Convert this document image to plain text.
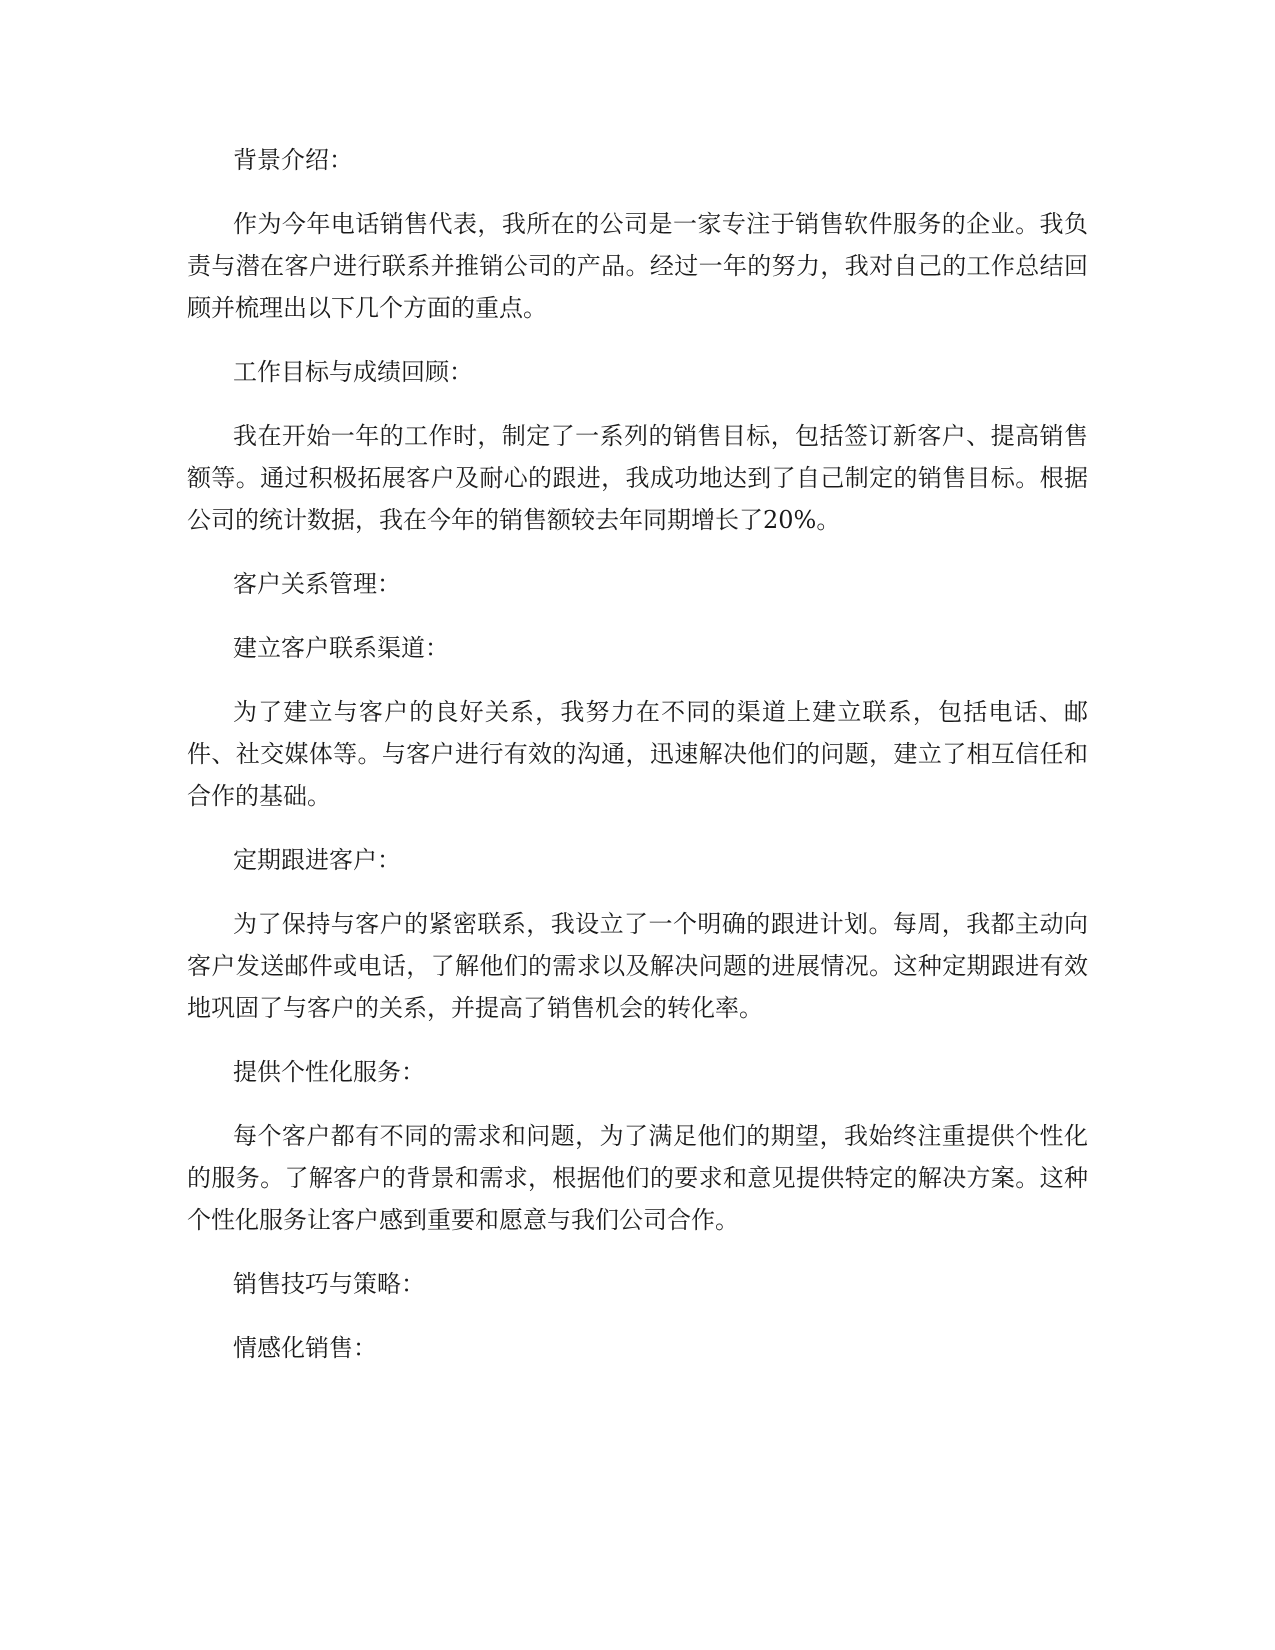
背景介绍：

作为今年电话销售代表，我所在的公司是一家专注于销售软件服务的企业。我负责与潜在客户进行联系并推销公司的产品。经过一年的努力，我对自己的工作总结回顾并梳理出以下几个方面的重点。

工作目标与成绩回顾：

我在开始一年的工作时，制定了一系列的销售目标，包括签订新客户、提高销售额等。通过积极拓展客户及耐心的跟进，我成功地达到了自己制定的销售目标。根据公司的统计数据，我在今年的销售额较去年同期增长了20%。

客户关系管理：

建立客户联系渠道：

为了建立与客户的良好关系，我努力在不同的渠道上建立联系，包括电话、邮件、社交媒体等。与客户进行有效的沟通，迅速解决他们的问题，建立了相互信任和合作的基础。

定期跟进客户：

为了保持与客户的紧密联系，我设立了一个明确的跟进计划。每周，我都主动向客户发送邮件或电话，了解他们的需求以及解决问题的进展情况。这种定期跟进有效地巩固了与客户的关系，并提高了销售机会的转化率。

提供个性化服务：

每个客户都有不同的需求和问题，为了满足他们的期望，我始终注重提供个性化的服务。了解客户的背景和需求，根据他们的要求和意见提供特定的解决方案。这种个性化服务让客户感到重要和愿意与我们公司合作。

销售技巧与策略：

情感化销售：
